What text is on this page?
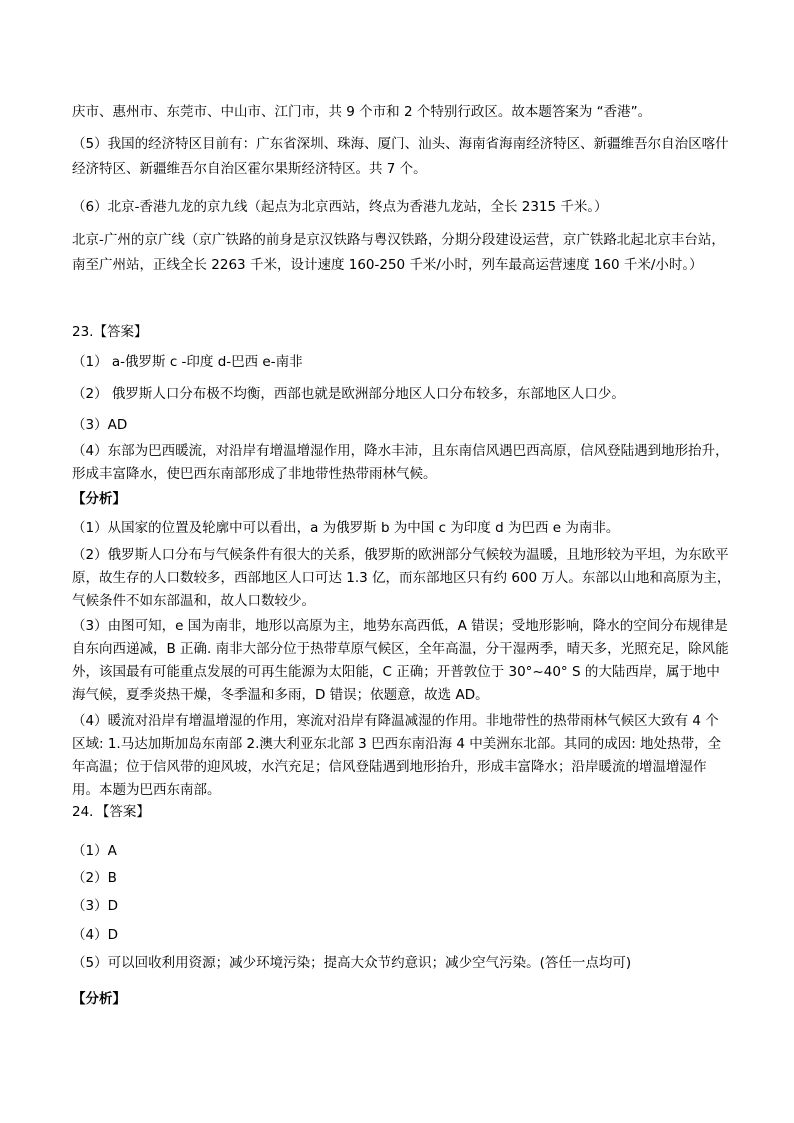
庆市、惠州市、东莞市、中山市、江门市，共 9 个市和 2 个特别行政区。故本题答案为 “香港”。

（5）我国的经济特区目前有：广东省深圳、珠海、厦门、汕头、海南省海南经济特区、新疆维吾尔自治区喀什经济特区、新疆维吾尔自治区霍尔果斯经济特区。共 7 个。

（6）北京-香港九龙的京九线（起点为北京西站，终点为香港九龙站，全长 2315 千米。）

北京-广州的京广线（京广铁路的前身是京汉铁路与粤汉铁路，分期分段建设运营，京广铁路北起北京丰台站，南至广州站，正线全长 2263 千米，设计速度 160-250 千米/小时，列车最高运营速度 160 千米/小时。）

23.【答案】

（1） a-俄罗斯 c -印度 d-巴西 e-南非

（2） 俄罗斯人口分布极不均衡，西部也就是欧洲部分地区人口分布较多，东部地区人口少。

（3）AD

（4）东部为巴西暖流，对沿岸有增温增湿作用，降水丰沛，且东南信风遇巴西高原，信风登陆遇到地形抬升，形成丰富降水，使巴西东南部形成了非地带性热带雨林气候。

【分析】

（1）从国家的位置及轮廓中可以看出，a 为俄罗斯 b 为中国 c 为印度 d 为巴西 e 为南非。

（2）俄罗斯人口分布与气候条件有很大的关系，俄罗斯的欧洲部分气候较为温暖，且地形较为平坦，为东欧平原，故生存的人口数较多，西部地区人口可达 1.3 亿，而东部地区只有约 600 万人。东部以山地和高原为主，气候条件不如东部温和，故人口数较少。

（3）由图可知，e 国为南非，地形以高原为主，地势东高西低，A 错误；受地形影响，降水的空间分布规律是自东向西递减，B 正确. 南非大部分位于热带草原气候区，全年高温，分干湿两季，晴天多，光照充足，除风能外，该国最有可能重点发展的可再生能源为太阳能，C 正确；开普敦位于 30°~40° S 的大陆西岸，属于地中海气候，夏季炎热干燥，冬季温和多雨，D 错误；依题意，故选 AD。

（4）暖流对沿岸有增温增湿的作用，寒流对沿岸有降温减湿的作用。非地带性的热带雨林气候区大致有 4 个区域: 1.马达加斯加岛东南部 2.澳大利亚东北部 3 巴西东南沿海 4 中美洲东北部。其同的成因: 地处热带，全年高温；位于信风带的迎风坡，水汽充足；信风登陆遇到地形抬升，形成丰富降水；沿岸暖流的增温增湿作用。本题为巴西东南部。

24．【答案】

（1）A

（2）B

（3）D

（4）D

（5）可以回收利用资源；减少环境污染；提高大众节约意识；减少空气污染。(答任一点均可)

【分析】
